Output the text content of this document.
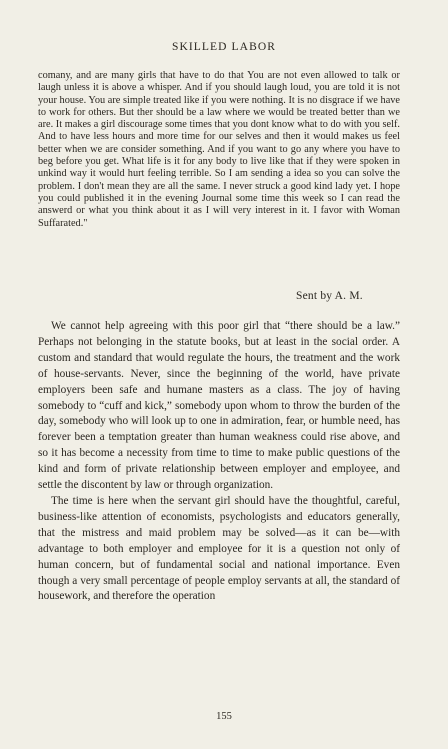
SKILLED LABOR

comany, and are many girls that have to do that You are not even allowed to talk or laugh unless it is above a whisper. And if you should laugh loud, you are told it is not your house. You are simple treated like if you were nothing. It is no disgrace if we have to work for others. But ther should be a law where we would be treated better than we are. It makes a girl discourage some times that you dont know what to do with you self. And to have less hours and more time for our selves and then it would makes us feel better when we are consider something. And if you want to go any where you have to beg before you get. What life is it for any body to live like that if they were spoken in unkind way it would hurt feeling terrible. So I am sending a idea so you can solve the problem. I don't mean they are all the same. I never struck a good kind lady yet. I hope you could published it in the evening Journal some time this week so I can read the answerd or what you think about it as I will very interest in it. I favor with Woman Suffarated."

Sent by A. M.

We cannot help agreeing with this poor girl that “there should be a law.” Perhaps not belonging in the statute books, but at least in the social order. A custom and standard that would regulate the hours, the treatment and the work of house-servants. Never, since the beginning of the world, have private employers been safe and humane masters as a class. The joy of having somebody to “cuff and kick,” somebody upon whom to throw the burden of the day, somebody who will look up to one in admiration, fear, or humble need, has forever been a temptation greater than human weakness could rise above, and so it has become a necessity from time to time to make public questions of the kind and form of private relationship between employer and employee, and settle the discontent by law or through organization.

The time is here when the servant girl should have the thoughtful, careful, business-like attention of economists, psychologists and educators generally, that the mistress and maid problem may be solved—as it can be—with advantage to both employer and employee for it is a question not only of human concern, but of fundamental social and national importance. Even though a very small percentage of people employ servants at all, the standard of housework, and therefore the operation

155
